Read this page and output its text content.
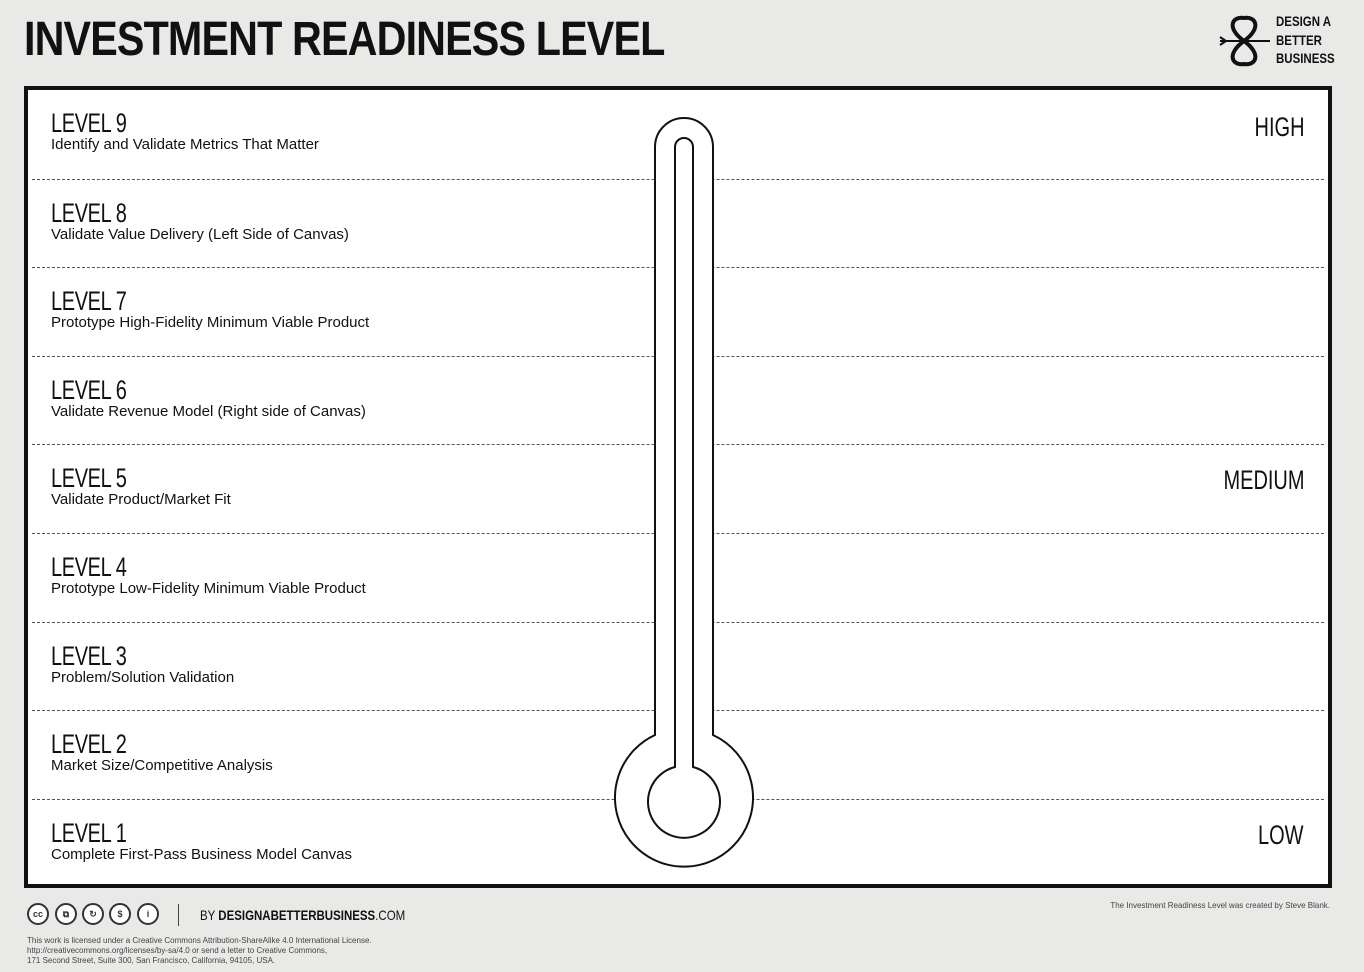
INVESTMENT READINESS LEVEL	DESIGN A
BETTER
BUSINESS
LEVEL 9
Identify and Validate Metrics That Matter
LEVEL 8
Validate Value Delivery (Left Side of Canvas)
LEVEL 7
Prototype High-Fidelity Minimum Viable Product
LEVEL 6
Validate Revenue Model (Right side of Canvas)
LEVEL 5
Validate Product/Market Fit
LEVEL 4
Prototype Low-Fidelity Minimum Viable Product
LEVEL 3
Problem/Solution Validation
LEVEL 2
Market Size/Competitive Analysis
LEVEL 1
Complete First-Pass Business Model Canvas
HIGH
MEDIUM
LOW
cc	⧉	↻	$	i	BY DESIGNABETTERBUSINESS.COM
This work is licensed under a Creative Commons Attribution-ShareAlike 4.0 International License.
http://creativecommons.org/licenses/by-sa/4.0 or send a letter to Creative Commons,
171 Second Street, Suite 300, San Francisco, California, 94105, USA.
The Investment Readiness Level was created by Steve Blank.
